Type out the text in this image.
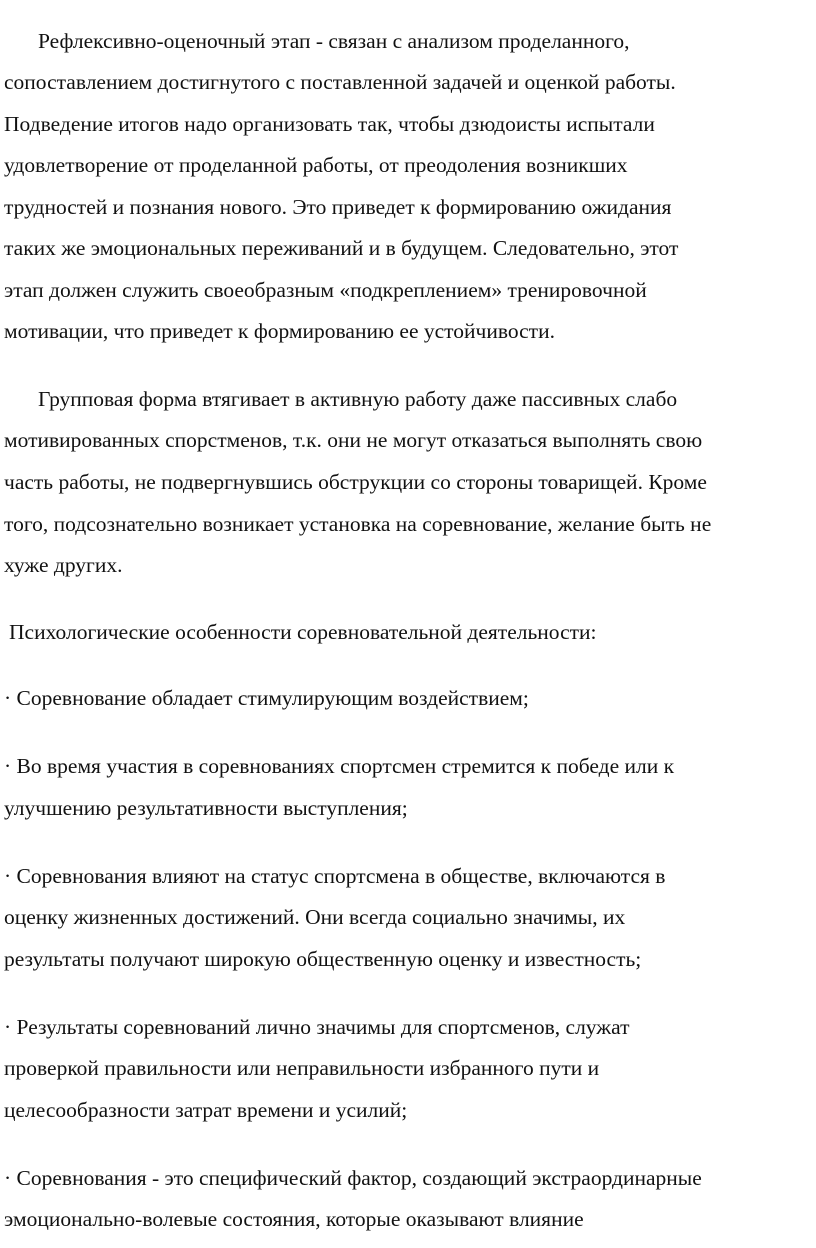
Рефлексивно-оценочный этап - связан с анализом проделанного,
сопоставлением достигнутого с поставленной задачей и оценкой работы.
Подведение итогов надо организовать так, чтобы дзюдоисты испытали
удовлетворение от проделанной работы, от преодоления возникших
трудностей и познания нового. Это приведет к формированию ожидания
таких же эмоциональных переживаний и в будущем. Следовательно, этот
этап должен служить своеобразным «подкреплением» тренировочной
мотивации, что приведет к формированию ее устойчивости.
Групповая форма втягивает в активную работу даже пассивных слабо
мотивированных спорстменов, т.к. они не могут отказаться выполнять свою
часть работы, не подвергнувшись обструкции со стороны товарищей. Кроме
того, подсознательно возникает установка на соревнование, желание быть не
хуже других.
Психологические особенности соревновательной деятельности:
· Соревнование обладает стимулирующим воздействием;
· Во время участия в соревнованиях спортсмен стремится к победе или к
улучшению результативности выступления;
· Соревнования влияют на статус спортсмена в обществе, включаются в
оценку жизненных достижений. Они всегда социально значимы, их
результаты получают широкую общественную оценку и известность;
· Результаты соревнований лично значимы для спортсменов, служат
проверкой правильности или неправильности избранного пути и
целесообразности затрат времени и усилий;
· Соревнования - это специфический фактор, создающий экстраординарные
эмоционально-волевые состояния, которые оказывают влияние
